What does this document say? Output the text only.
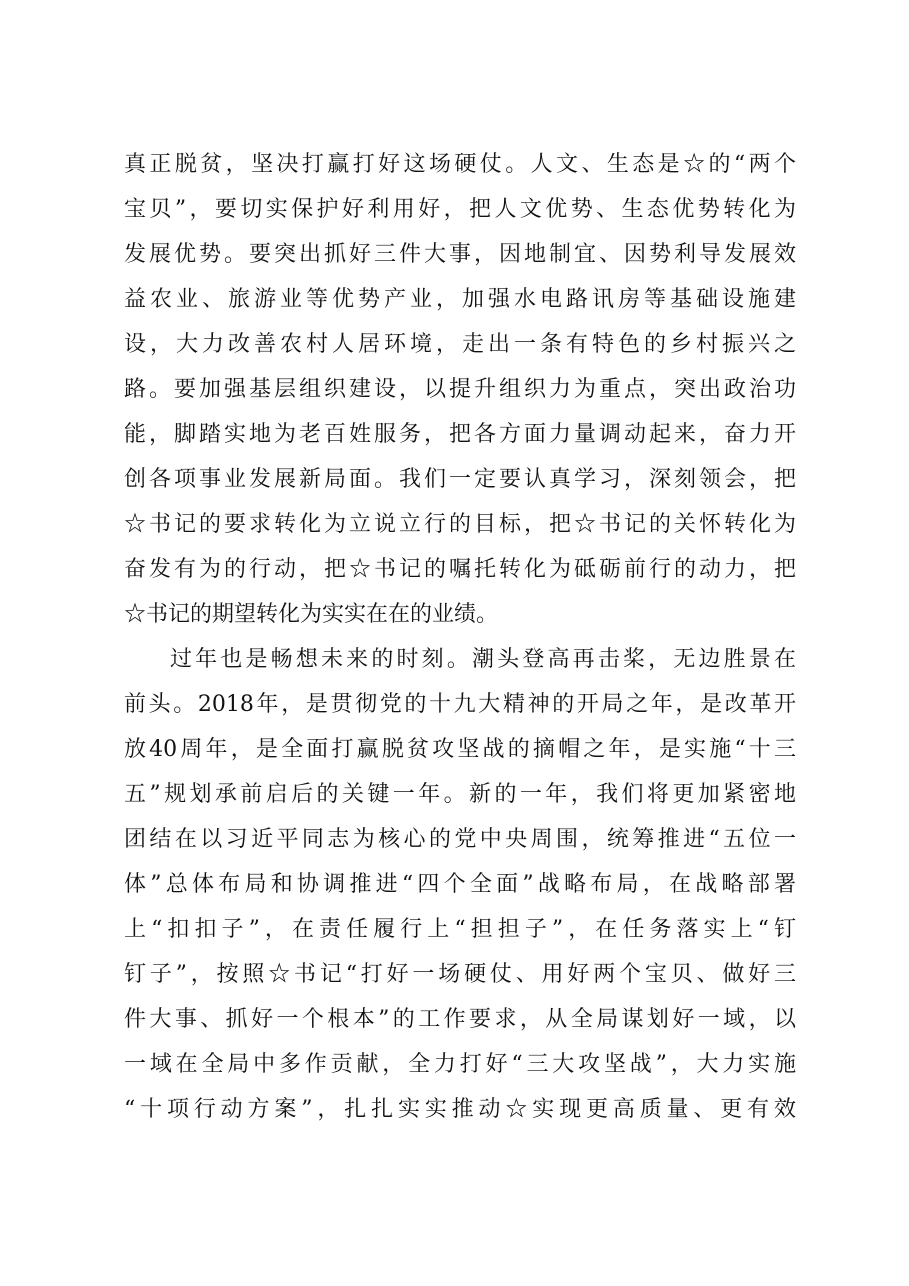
真正脱贫，坚决打赢打好这场硬仗。人文、生态是☆的“两个
宝贝”，要切实保护好利用好，把人文优势、生态优势转化为
发展优势。要突出抓好三件大事，因地制宜、因势利导发展效
益农业、旅游业等优势产业，加强水电路讯房等基础设施建
设，大力改善农村人居环境，走出一条有特色的乡村振兴之
路。要加强基层组织建设，以提升组织力为重点，突出政治功
能，脚踏实地为老百姓服务，把各方面力量调动起来，奋力开
创各项事业发展新局面。我们一定要认真学习，深刻领会，把
☆书记的要求转化为立说立行的目标，把☆书记的关怀转化为
奋发有为的行动，把☆书记的嘱托转化为砥砺前行的动力，把
☆书记的期望转化为实实在在的业绩。
过年也是畅想未来的时刻。潮头登高再击桨，无边胜景在
前头。2018年，是贯彻党的十九大精神的开局之年，是改革开
放40周年，是全面打赢脱贫攻坚战的摘帽之年，是实施“十三
五”规划承前启后的关键一年。新的一年，我们将更加紧密地
团结在以习近平同志为核心的党中央周围，统筹推进“五位一
体”总体布局和协调推进“四个全面”战略布局，在战略部署
上“扣扣子”，在责任履行上“担担子”，在任务落实上“钉
钉子”，按照☆书记“打好一场硬仗、用好两个宝贝、做好三
件大事、抓好一个根本”的工作要求，从全局谋划好一域，以
一域在全局中多作贡献，全力打好“三大攻坚战”，大力实施
“十项行动方案”，扎扎实实推动☆实现更高质量、更有效
